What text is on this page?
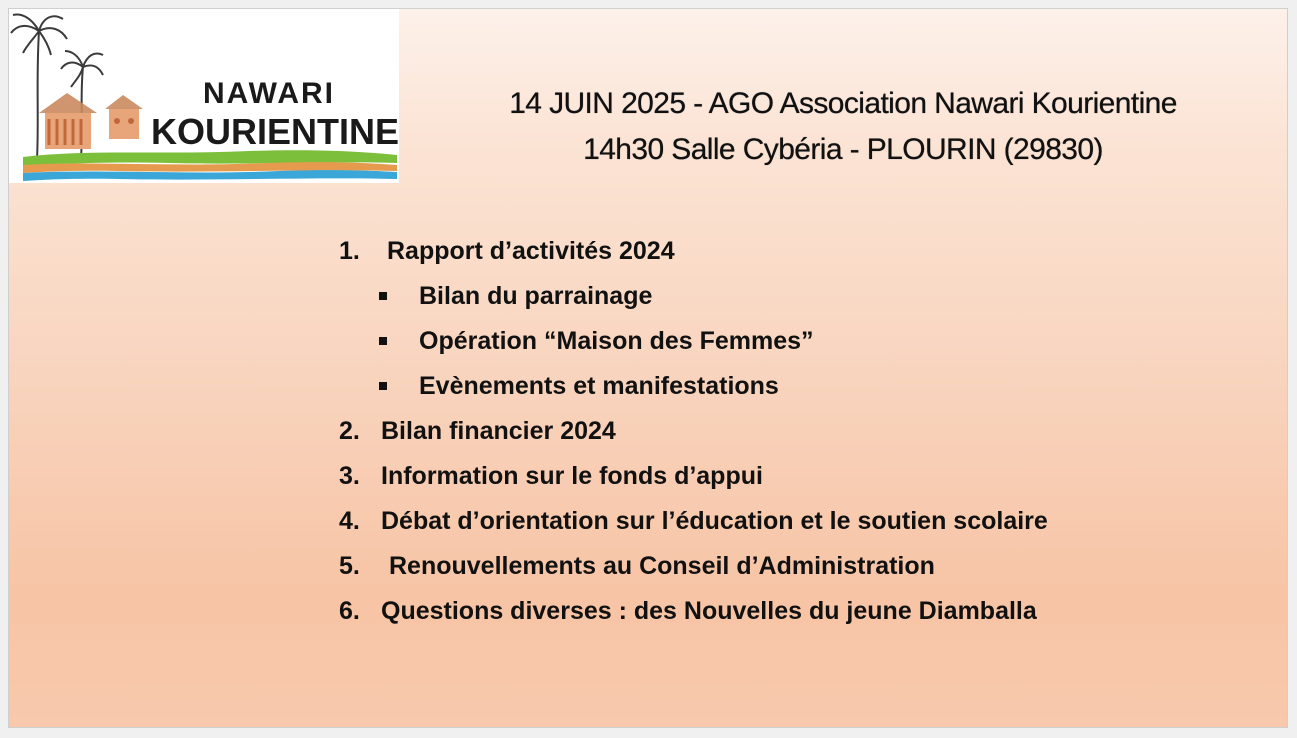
NAWARI
KOURIENTINE
14 JUIN 2025 - AGO Association Nawari Kourientine
14h30 Salle Cybéria - PLOURIN (29830)
1. Rapport d’activités 2024
Bilan du parrainage
Opération “Maison des Femmes”
Evènements et manifestations
2. Bilan financier 2024
3. Information sur le fonds d’appui
4. Débat d’orientation sur l’éducation et le soutien scolaire
5. Renouvellements au Conseil d’Administration
6. Questions diverses : des Nouvelles du jeune Diamballa
